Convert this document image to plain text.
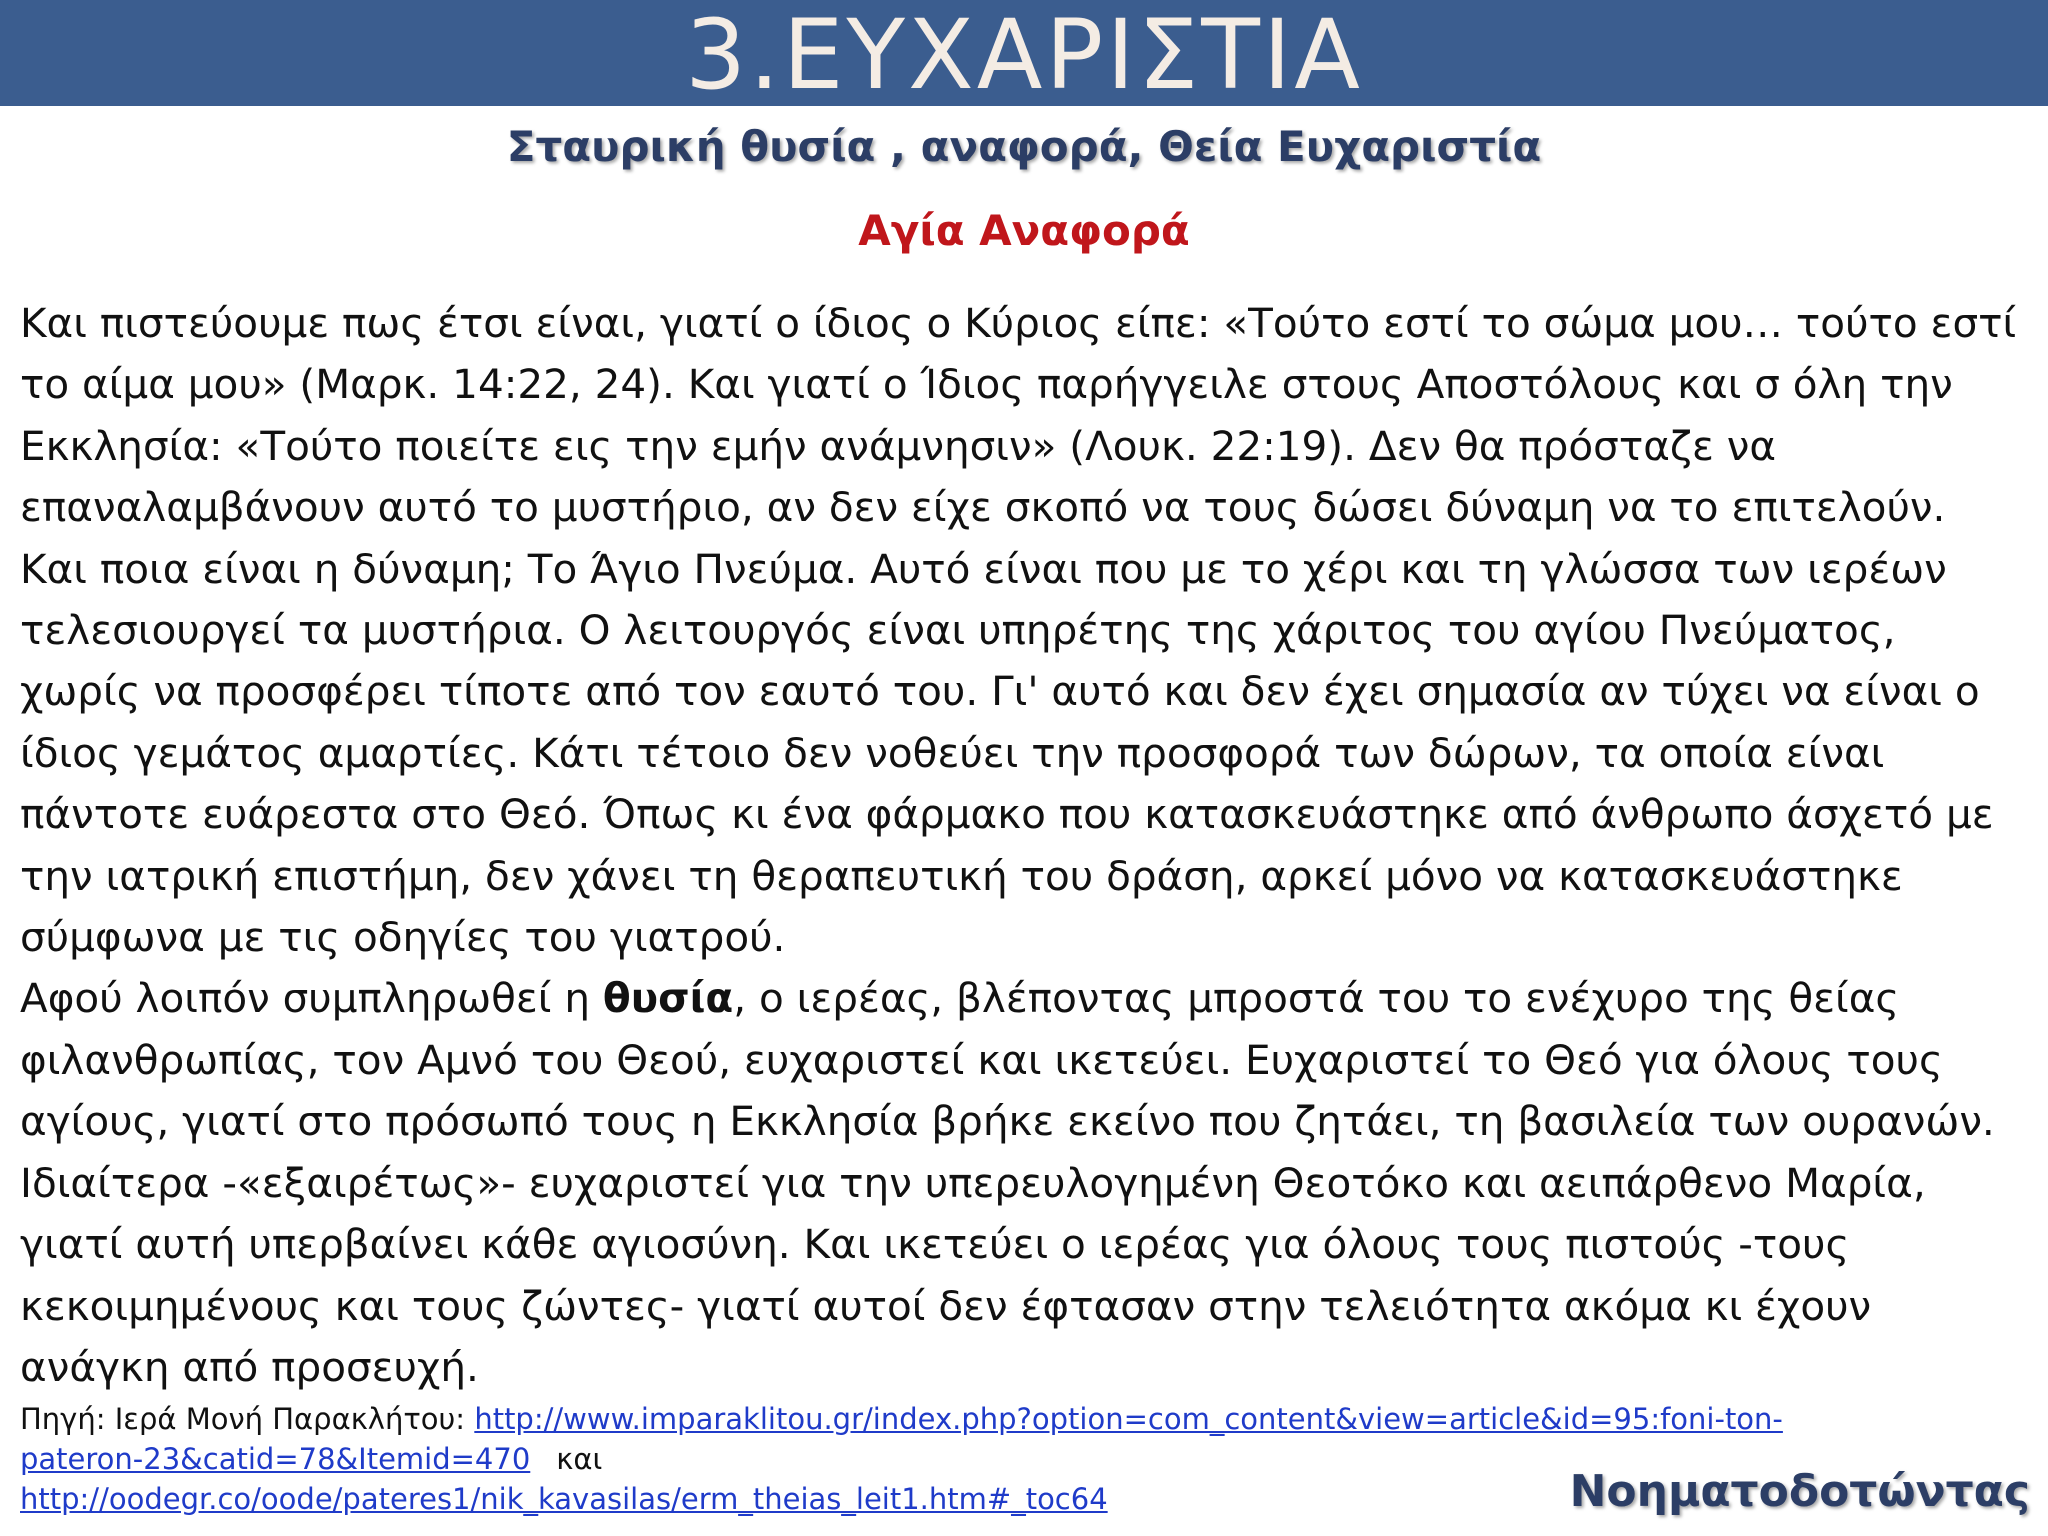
3.ΕΥΧΑΡΙΣΤΙΑ
Σταυρική θυσία , αναφορά, Θεία Ευχαριστία
Αγία Αναφορά

Και πιστεύουμε πως έτσι είναι, γιατί ο ίδιος ο Κύριος είπε: «Τούτο εστί το σώμα μου… τούτο εστί το αίμα μου» (Μαρκ. 14:22, 24). Και γιατί ο Ίδιος παρήγγειλε στους Αποστόλους και σ όλη την Εκκλησία: «Τούτο ποιείτε εις την εμήν ανάμνησιν» (Λουκ. 22:19). Δεν θα πρόσταζε να επαναλαμβάνουν αυτό το μυστήριο, αν δεν είχε σκοπό να τους δώσει δύναμη να το επιτελούν. Και ποια είναι η δύναμη; Το Άγιο Πνεύμα. Αυτό είναι που με το χέρι και τη γλώσσα των ιερέων τελεσιουργεί τα μυστήρια. Ο λειτουργός είναι υπηρέτης της χάριτος του αγίου Πνεύματος, χωρίς να προσφέρει τίποτε από τον εαυτό του. Γι' αυτό και δεν έχει σημασία αν τύχει να είναι ο ίδιος γεμάτος αμαρτίες. Κάτι τέτοιο δεν νοθεύει την προσφορά των δώρων, τα οποία είναι πάντοτε ευάρεστα στο Θεό. Όπως κι ένα φάρμακο που κατασκευάστηκε από άνθρωπο άσχετό με την ιατρική επιστήμη, δεν χάνει τη θεραπευτική του δράση, αρκεί μόνο να κατασκευάστηκε σύμφωνα με τις οδηγίες του γιατρού.

Αφού λοιπόν συμπληρωθεί η θυσία, ο ιερέας, βλέποντας μπροστά του το ενέχυρο της θείας φιλανθρωπίας, τον Αμνό του Θεού, ευχαριστεί και ικετεύει. Ευχαριστεί το Θεό για όλους τους αγίους, γιατί στο πρόσωπό τους η Εκκλησία βρήκε εκείνο που ζητάει, τη βασιλεία των ουρανών. Ιδιαίτερα -«εξαιρέτως»- ευχαριστεί για την υπερευλογημένη Θεοτόκο και αειπάρθενο Μαρία, γιατί αυτή υπερβαίνει κάθε αγιοσύνη. Και ικετεύει ο ιερέας για όλους τους πιστούς -τους κεκοιμημένους και τους ζώντες- γιατί αυτοί δεν έφτασαν στην τελειότητα ακόμα κι έχουν ανάγκη από προσευχή.

Πηγή: Ιερά Μονή Παρακλήτου: http://www.imparaklitou.gr/index.php?option=com_content&view=article&id=95:foni-ton-pateron-23&catid=78&Itemid=470 και
http://oodegr.co/oode/pateres1/nik_kavasilas/erm_theias_leit1.htm#_toc64	Νοηματοδοτώντας
